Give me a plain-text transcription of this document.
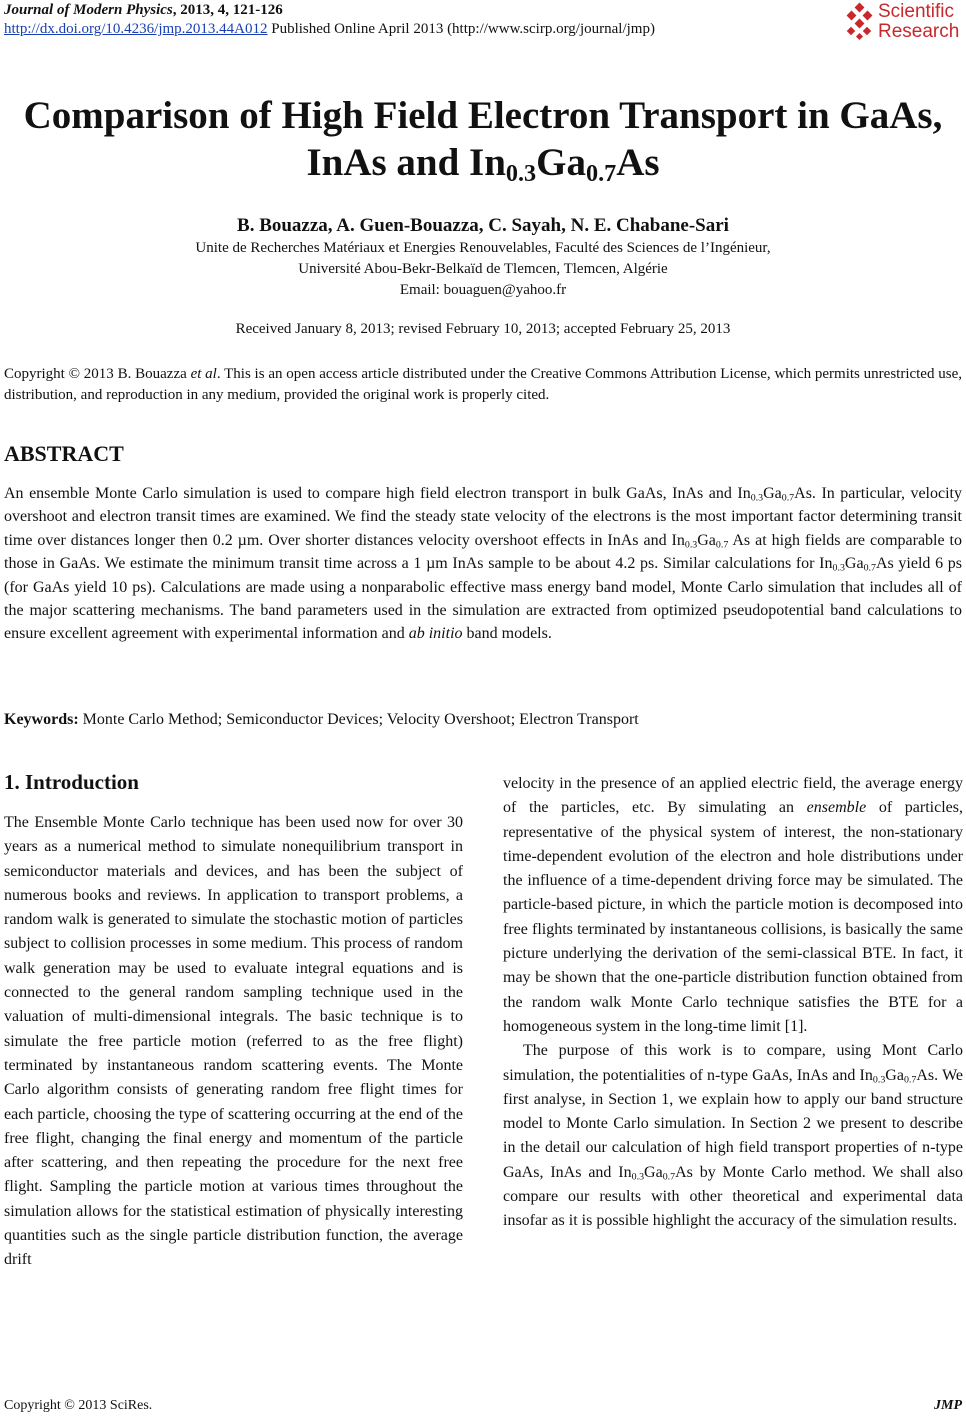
Journal of Modern Physics, 2013, 4, 121-126
http://dx.doi.org/10.4236/jmp.2013.44A012 Published Online April 2013 (http://www.scirp.org/journal/jmp)
Scientific
Research
Comparison of High Field Electron Transport in GaAs,
InAs and $In_{0.3}Ga_{0.7}As$
B. Bouazza, A. Guen-Bouazza, C. Sayah, N. E. Chabane-Sari
Unite de Recherches Matériaux et Energies Renouvelables, Faculté des Sciences de l’Ingénieur,
Université Abou-Bekr-Belkaïd de Tlemcen, Tlemcen, Algérie
Email: bouaguen@yahoo.fr
Received January 8, 2013; revised February 10, 2013; accepted February 25, 2013
Copyright © 2013 B. Bouazza et al. This is an open access article distributed under the Creative Commons Attribution License, which permits unrestricted use, distribution, and reproduction in any medium, provided the original work is properly cited.
ABSTRACT
An ensemble Monte Carlo simulation is used to compare high field electron transport in bulk GaAs, InAs and $In_{0.3}Ga_{0.7}As$. In particular, velocity overshoot and electron transit times are examined. We find the steady state velocity of the electrons is the most important factor determining transit time over distances longer then 0.2 µm. Over shorter distances velocity overshoot effects in InAs and $In_{0.3}Ga_{0.7}$ As at high fields are comparable to those in GaAs. We estimate the minimum transit time across a 1 µm InAs sample to be about 4.2 ps. Similar calculations for $In_{0.3}Ga_{0.7}As$ yield 6 ps (for GaAs yield 10 ps). Calculations are made using a nonparabolic effective mass energy band model, Monte Carlo simulation that includes all of the major scattering mechanisms. The band parameters used in the simulation are extracted from optimized pseudopotential band calculations to ensure excellent agreement with experimental information and ab initio band models.
Keywords: Monte Carlo Method; Semiconductor Devices; Velocity Overshoot; Electron Transport
1. Introduction
The Ensemble Monte Carlo technique has been used now for over 30 years as a numerical method to simulate nonequilibrium transport in semiconductor materials and devices, and has been the subject of numerous books and reviews. In application to transport problems, a random walk is generated to simulate the stochastic motion of particles subject to collision processes in some medium. This process of random walk generation may be used to evaluate integral equations and is connected to the general random sampling technique used in the valuation of multi-dimensional integrals. The basic technique is to simulate the free particle motion (referred to as the free flight) terminated by instantaneous random scattering events. The Monte Carlo algorithm consists of generating random free flight times for each particle, choosing the type of scattering occurring at the end of the free flight, changing the final energy and momentum of the particle after scattering, and then repeating the procedure for the next free flight. Sampling the particle motion at various times throughout the simulation allows for the statistical estimation of physically interesting quantities such as the single particle distribution function, the average drift

velocity in the presence of an applied electric field, the average energy of the particles, etc. By simulating an ensemble of particles, representative of the physical system of interest, the non-stationary time-dependent evolution of the electron and hole distributions under the influence of a time-dependent driving force may be simulated. The particle-based picture, in which the particle motion is decomposed into free flights terminated by instantaneous collisions, is basically the same picture underlying the derivation of the semi-classical BTE. In fact, it may be shown that the one-particle distribution function obtained from the random walk Monte Carlo technique satisfies the BTE for a homogeneous system in the long-time limit [1].

The purpose of this work is to compare, using Mont Carlo simulation, the potentialities of n-type GaAs, InAs and $In_{0.3}Ga_{0.7}As$. We first analyse, in Section 1, we explain how to apply our band structure model to Monte Carlo simulation. In Section 2 we present to describe in the detail our calculation of high field transport properties of n-type GaAs, InAs and $In_{0.3}Ga_{0.7}As$ by Monte Carlo method. We shall also compare our results with other theoretical and experimental data insofar as it is possible highlight the accuracy of the simulation results.

Copyright © 2013 SciRes.	JMP
